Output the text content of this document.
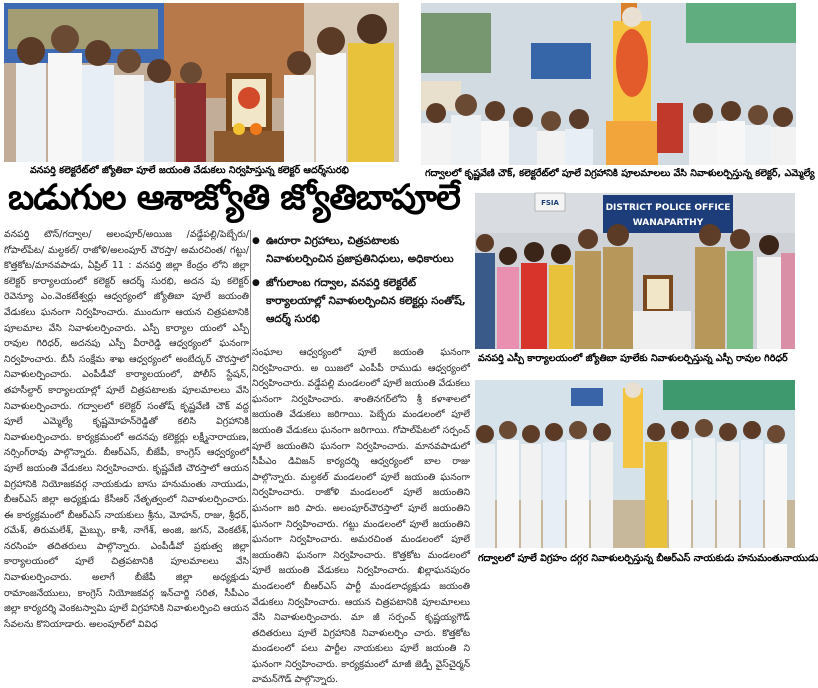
వనపర్తి కలెక్టరేట్‌లో జ్యోతిబా పూలే జయంతి వేడుకలు నిర్వహిస్తున్న కలెక్టర్‌ ఆదర్శ్‌సురభి	గద్వాలలో కృష్ణవేణి చౌక్‌, కలెక్టరేట్‌లో పూలే విగ్రహానికి పూలమాలలు వేసి నివాళులర్పిస్తున్న కలెక్టర్‌, ఎమ్మెల్యే
బడుగుల ఆశాజ్యోతి జ్యోతిబాపూలే

వనపర్తి టౌన్‌/గద్వాల/ అలంపూర్‌/అయిజ /వడ్డేపల్లి/పెబ్బేరు/ గోపాల్‌పేట/ మల్దకల్‌/ రాజోళి/అలంపూర్‌ చౌరస్తా/ అమరచింత/ గట్టు/కొత్తకోట/మానవపాడు, ఏప్రిల్‌ 11 : వనపర్తి జిల్లా కేంద్రం లోని జిల్లా కలెక్టర్‌ కార్యాలయంలో కలెక్టర్‌ ఆదర్శ్‌ సురభి, అదన పు కలెక్టర్‌ రెవెన్యూ ఎం.వెంకటేశ్వర్లు ఆధ్వర్యంలో జ్యోతిబా పూలే జయంతి వేడుకలు ఘనంగా నిర్వహించారు. ముందుగా ఆయన చిత్రపటానికి పూలమాల వేసి నివాళులర్పించారు. ఎస్పీ కార్యాల యంలో ఎస్పీ రావుల గిరిధర్‌, అదనపు ఎస్పీ వీరారెడ్డి ఆధ్వర్యంలో ఘనంగా నిర్వహించారు. బీసీ సంక్షేమ శాఖ ఆధ్వర్యంలో అంబేద్కర్‌ చౌరస్తాలో నివాళులర్పించారు. ఎంపీడీవో కార్యాలయంలో, పోలీస్‌ స్టేషన్‌, తహసీల్దార్‌ కార్యాలయాల్లో పూలే చిత్రపటాలకు పూలమాలలు వేసి నివాళులర్పించారు. గద్వాలలో కలెక్టర్‌ సంతోష్‌ కృష్ణవేణి చౌక్‌ వద్ద పూలే ఎమ్మెల్యే కృష్ణమోహన్‌రెడ్డితో కలిసి విగ్రహానికి నివాళులర్పించారు. కార్యక్రమంలో అదనపు కలెక్టర్లు లక్ష్మీనారాయణ, నర్సింగ్‌రావు పాల్గొన్నారు. బీఆర్‌ఎస్‌, బీజేపీ, కాంగ్రెస్‌ ఆధ్వర్యంలో పూలే జయంతి వేడుకలు నిర్వహించారు. కృష్ణవేణి చౌరస్తాలో ఆయన విగ్రహానికి నియోజకవర్గ నాయకుడు బాసు హనుమంతు నాయుడు, బీఆర్‌ఎస్‌ జిల్లా అధ్యక్షుడు కేసీఆర్‌ నేతృత్వంలో నివాళులర్పించారు. ఈ కార్యక్రమంలో బీఆర్‌ఎస్‌ నాయకులు శ్రీను, మోహన్‌, రాజు, శ్రీధర్‌, రమేశ్‌, తిరుమలేశ్‌, మైబ్బు, కాశీ, నాగేశ్‌, అంజి, జగన్‌, వెంకటేశ్‌, నరసింహ తదితరులు పాల్గొన్నారు. ఎంపీడీవో ప్రభుత్వ జిల్లా కార్యాలయంలో పూలే చిత్రపటానికి పూలమాలలు వేసి నివాళులర్పించారు. అలాగే బీజేపీ జిల్లా అధ్యక్షుడు రామాంజనేయులు, కాంగ్రెస్‌ నియోజకవర్గ ఇన్‌చార్జి సరిత, సీపీఎం జిల్లా కార్యదర్శి వెంకటస్వామి పూలే విగ్రహానికి నివాళులర్పించి ఆయన సేవలను కొనియాడారు. అలంపూర్‌లో వివిధ

● ఊరూరా విగ్రహాలు, చిత్రపటాలకు నివాళులర్పించిన ప్రజాప్రతినిధులు, అధికారులు
● జోగులాంబ గద్వాల, వనపర్తి కలెక్టరేట్‌ కార్యాలయాల్లో నివాళులర్పించిన కలెక్టర్లు సంతోష్‌, ఆదర్శ్‌ సురభి

సంఘాల ఆధ్వర్యంలో పూలే జయంతి ఘనంగా నిర్వహించారు. అ యిజలో ఎంపీపీ రాముడు ఆధ్వర్యంలో నిర్వహించారు. వడ్డేపల్లి మండలంలో పూలే జయంతి వేడుకలు ఘనంగా నిర్వహించారు. శాంతినగర్‌లోని శ్రీ కళాశాలలో జయంతి వేడుకలు జరిగాయి. పెబ్బేరు మండలంలో పూలే జయంతి వేడుకలు ఘనంగా జరిగాయి. గోపాల్‌పేటలో సర్పంచ్‌ పూలే జయంతిని ఘనంగా నిర్వహించారు. మానవపాడులో సీపీఎం డివిజన్‌ కార్యదర్శి ఆధ్వర్యంలో బాల రాజు పాల్గొన్నారు. మల్దకల్‌ మండలంలో పూలే జయంతి ఘనంగా నిర్వహించారు. రాజోళి మండలంలో పూలే జయంతిని ఘనంగా జరి పారు. అలంపూర్‌చౌరస్తాలో పూలే జయంతిని ఘనంగా నిర్వహించారు. గట్టు మండలంలో పూలే జయంతిని ఘనంగా నిర్వహించారు. అమరచింత మండలంలో పూలే జయంతిని ఘనంగా నిర్వహించారు. కొత్తకోట మండలంలో పూలే జయంతి వేడుకలు నిర్వహించారు. ఖిల్లాఘనపురం మండలంలో బీఆర్‌ఎస్‌ పార్టీ మండలాధ్యక్షుడు జయంతి వేడుకలు నిర్వహించారు. ఆయన చిత్రపటానికి పూలమాలలు వేసి నివాళులర్పించారు. మా జీ సర్పంచ్‌ కృష్ణయ్యగౌడ్‌ తదితరులు పూలే విగ్రహానికి నివాళులర్పిం చారు. కొత్తకోట మండలంలో పలు పార్టీల నాయకులు పూలే జయంతి ని ఘనంగా నిర్వహించారు. కార్యక్రమంలో మాజీ జెడ్పీ వైస్‌చైర్మన్‌ వామన్‌గౌడ్‌ పాల్గొన్నారు.

FSIA	DISTRICT POLICE OFFICE
WANAPARTHY
వనపర్తి ఎస్పీ కార్యాలయంలో జ్యోతిబా పూలేకు నివాళులర్పిస్తున్న ఎస్పీ రావుల గిరిధర్‌
గద్వాలలో పూలే విగ్రహం దగ్గర నివాళులర్పిస్తున్న బీఆర్‌ఎస్‌ నాయకుడు హనుమంతునాయుడు
